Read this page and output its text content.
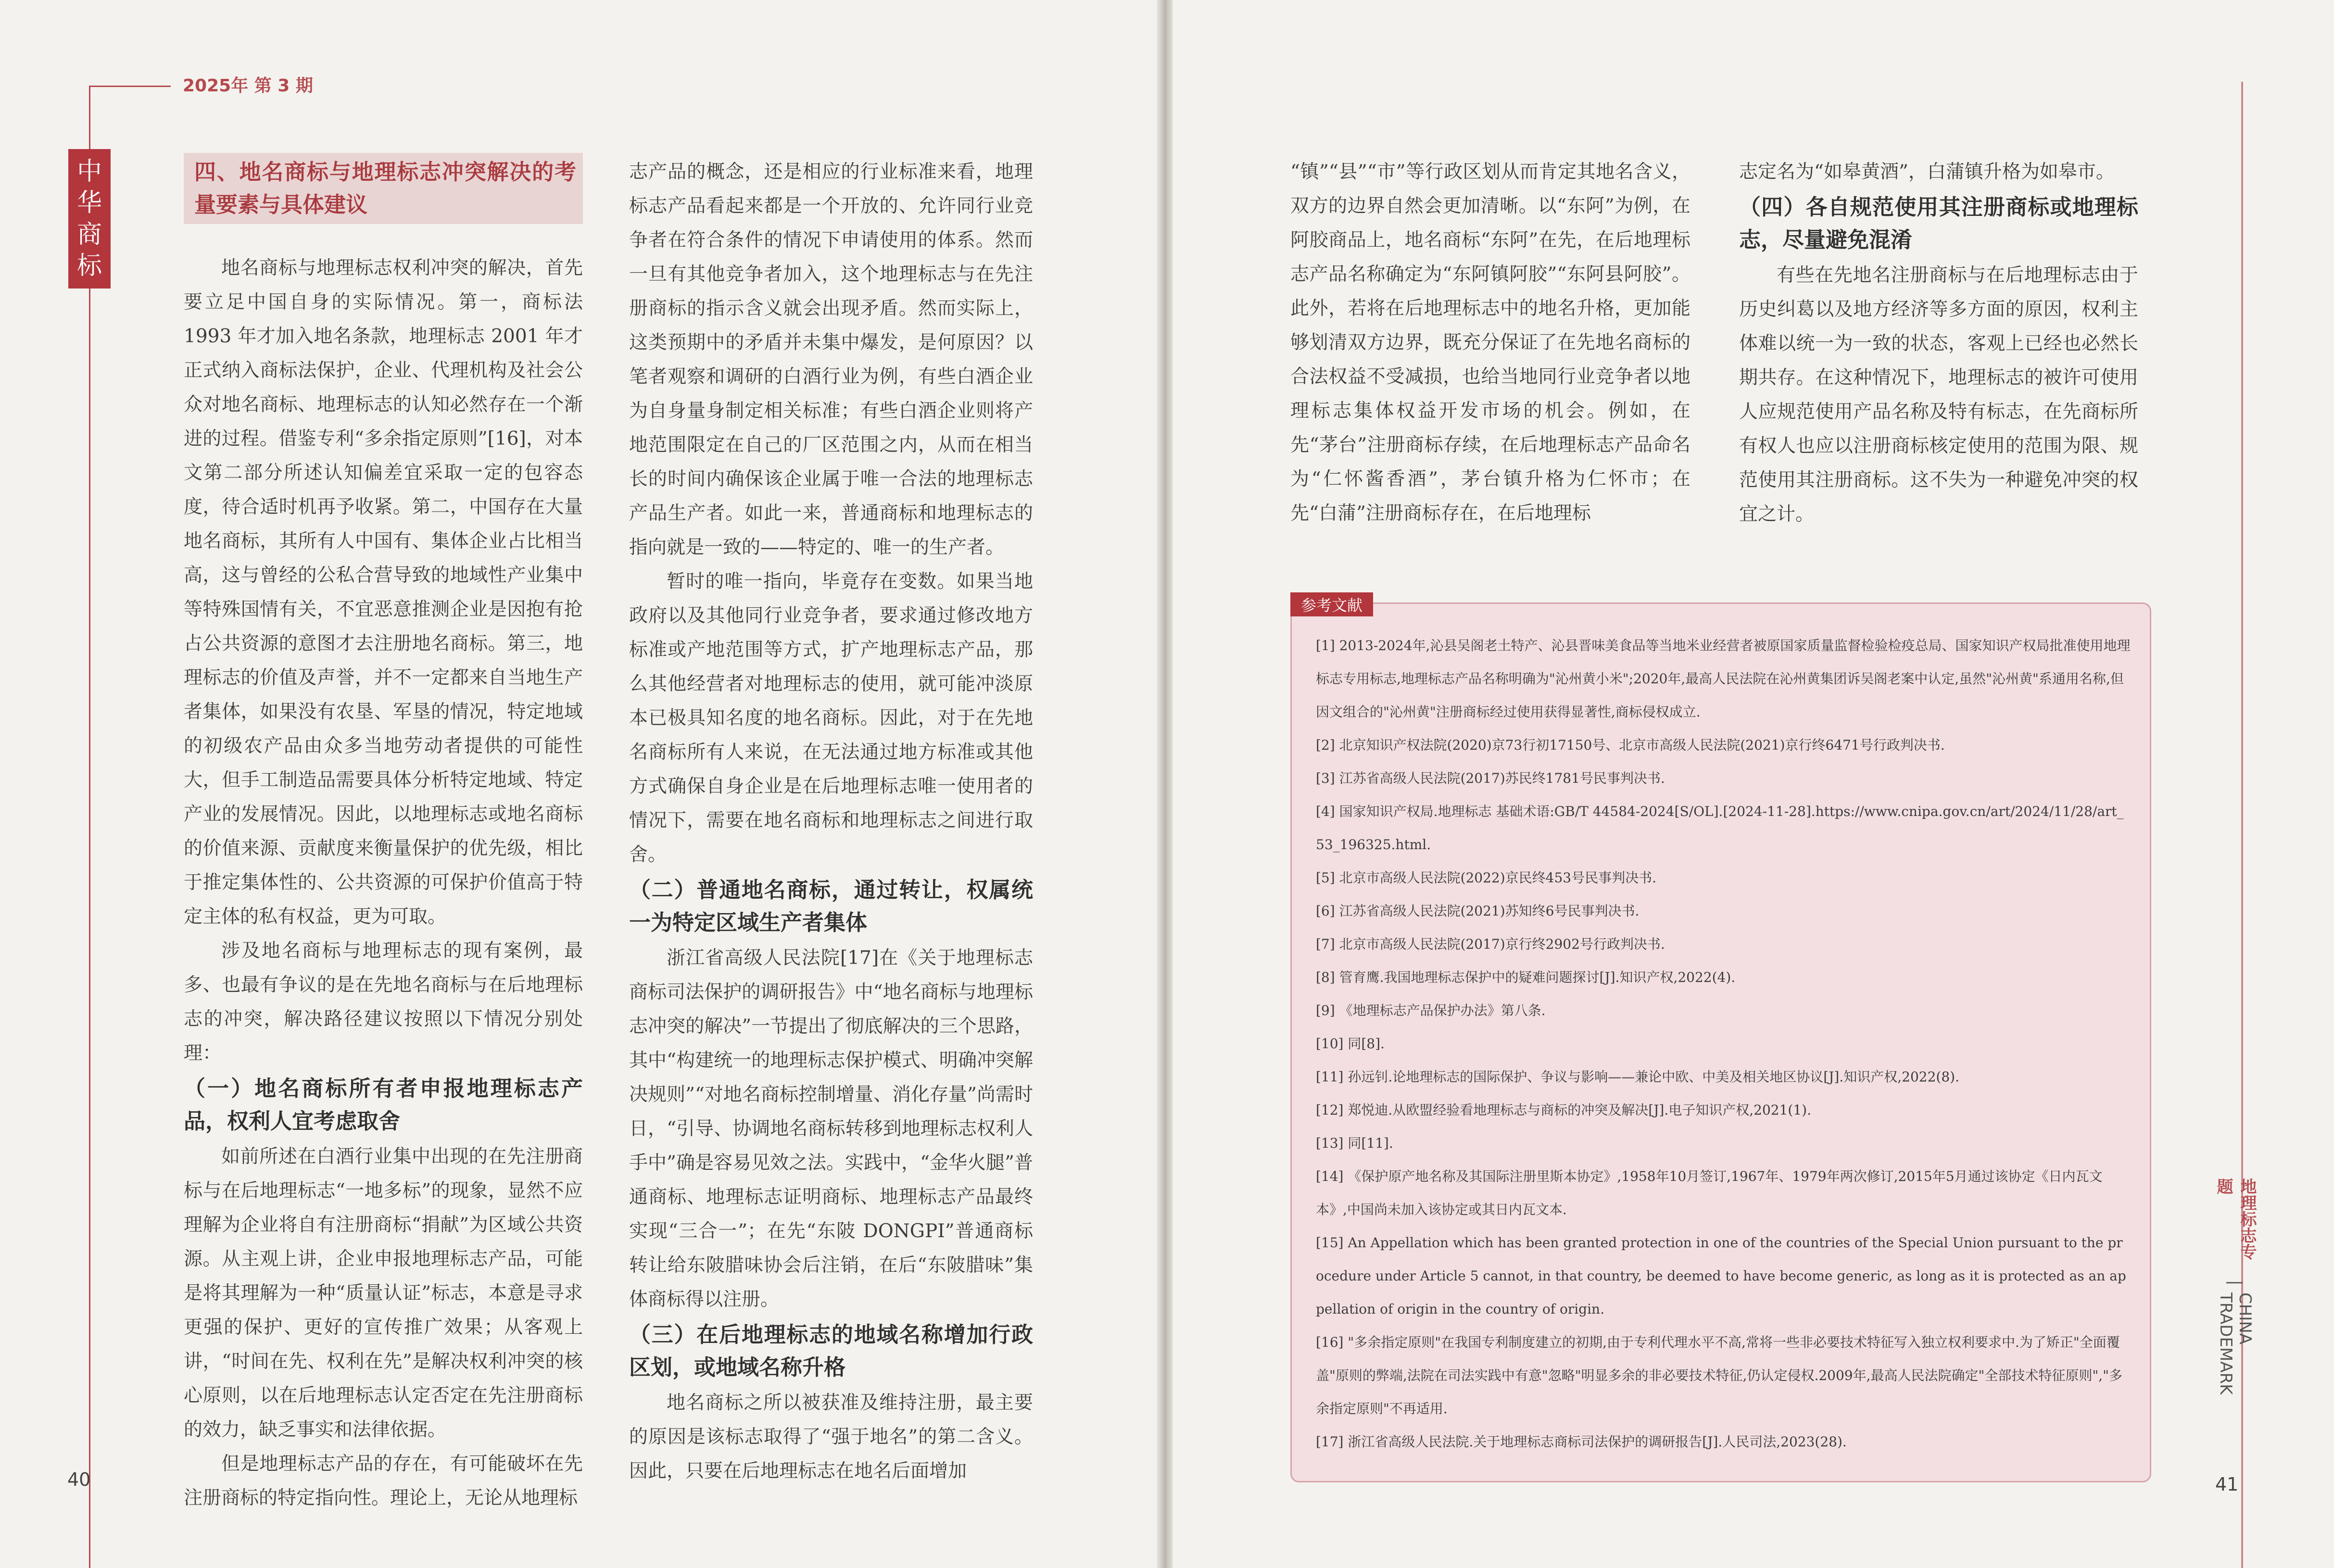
2025年 第 3 期
中
华
商
标
四、地名商标与地理标志冲突解决的考量要素与具体建议

地名商标与地理标志权利冲突的解决，首先要立足中国自身的实际情况。第一，商标法1993 年才加入地名条款，地理标志 2001 年才正式纳入商标法保护，企业、代理机构及社会公众对地名商标、地理标志的认知必然存在一个渐进的过程。借鉴专利“多余指定原则”[16]，对本文第二部分所述认知偏差宜采取一定的包容态度，待合适时机再予收紧。第二，中国存在大量地名商标，其所有人中国有、集体企业占比相当高，这与曾经的公私合营导致的地域性产业集中等特殊国情有关，不宜恶意推测企业是因抱有抢占公共资源的意图才去注册地名商标。第三，地理标志的价值及声誉，并不一定都来自当地生产者集体，如果没有农垦、军垦的情况，特定地域的初级农产品由众多当地劳动者提供的可能性大，但手工制造品需要具体分析特定地域、特定产业的发展情况。因此，以地理标志或地名商标的价值来源、贡献度来衡量保护的优先级，相比于推定集体性的、公共资源的可保护价值高于特定主体的私有权益，更为可取。

涉及地名商标与地理标志的现有案例，最多、也最有争议的是在先地名商标与在后地理标志的冲突，解决路径建议按照以下情况分别处理：

（一）地名商标所有者申报地理标志产品，权利人宜考虑取舍

如前所述在白酒行业集中出现的在先注册商标与在后地理标志“一地多标”的现象，显然不应理解为企业将自有注册商标“捐献”为区域公共资源。从主观上讲，企业申报地理标志产品，可能是将其理解为一种“质量认证”标志，本意是寻求更强的保护、更好的宣传推广效果；从客观上讲，“时间在先、权利在先”是解决权利冲突的核心原则，以在后地理标志认定否定在先注册商标的效力，缺乏事实和法律依据。

但是地理标志产品的存在，有可能破坏在先注册商标的特定指向性。理论上，无论从地理标

志产品的概念，还是相应的行业标准来看，地理标志产品看起来都是一个开放的、允许同行业竞争者在符合条件的情况下申请使用的体系。然而一旦有其他竞争者加入，这个地理标志与在先注册商标的指示含义就会出现矛盾。然而实际上，这类预期中的矛盾并未集中爆发，是何原因？以笔者观察和调研的白酒行业为例，有些白酒企业为自身量身制定相关标准；有些白酒企业则将产地范围限定在自己的厂区范围之内，从而在相当长的时间内确保该企业属于唯一合法的地理标志产品生产者。如此一来，普通商标和地理标志的指向就是一致的——特定的、唯一的生产者。

暂时的唯一指向，毕竟存在变数。如果当地政府以及其他同行业竞争者，要求通过修改地方标准或产地范围等方式，扩产地理标志产品，那么其他经营者对地理标志的使用，就可能冲淡原本已极具知名度的地名商标。因此，对于在先地名商标所有人来说，在无法通过地方标准或其他方式确保自身企业是在后地理标志唯一使用者的情况下，需要在地名商标和地理标志之间进行取舍。

（二）普通地名商标，通过转让，权属统一为特定区域生产者集体

浙江省高级人民法院[17]在《关于地理标志商标司法保护的调研报告》中“地名商标与地理标志冲突的解决”一节提出了彻底解决的三个思路，其中“构建统一的地理标志保护模式、明确冲突解决规则”“对地名商标控制增量、消化存量”尚需时日，“引导、协调地名商标转移到地理标志权利人手中”确是容易见效之法。实践中，“金华火腿”普通商标、地理标志证明商标、地理标志产品最终实现“三合一”；在先“东陂 DONGPI”普通商标转让给东陂腊味协会后注销，在后“东陂腊味”集体商标得以注册。

（三）在后地理标志的地域名称增加行政区划，或地域名称升格

地名商标之所以被获准及维持注册，最主要的原因是该标志取得了“强于地名”的第二含义。因此，只要在后地理标志在地名后面增加

40

“镇”“县”“市”等行政区划从而肯定其地名含义，双方的边界自然会更加清晰。以“东阿”为例，在阿胶商品上，地名商标“东阿”在先，在后地理标志产品名称确定为“东阿镇阿胶”“东阿县阿胶”。此外，若将在后地理标志中的地名升格，更加能够划清双方边界，既充分保证了在先地名商标的合法权益不受减损，也给当地同行业竞争者以地理标志集体权益开发市场的机会。例如，在先“茅台”注册商标存续，在后地理标志产品命名为“仁怀酱香酒”，茅台镇升格为仁怀市；在先“白蒲”注册商标存在，在后地理标

志定名为“如皋黄酒”，白蒲镇升格为如皋市。

（四）各自规范使用其注册商标或地理标志，尽量避免混淆

有些在先地名注册商标与在后地理标志由于历史纠葛以及地方经济等多方面的原因，权利主体难以统一为一致的状态，客观上已经也必然长期共存。在这种情况下，地理标志的被许可使用人应规范使用产品名称及特有标志，在先商标所有权人也应以注册商标核定使用的范围为限、规范使用其注册商标。这不失为一种避免冲突的权宜之计。

[1] 2013-2024年,沁县吴阁老土特产、沁县晋味美食品等当地米业经营者被原国家质量监督检验检疫总局、国家知识产权局批准使用地理标志专用标志,地理标志产品名称明确为"沁州黄小米";2020年,最高人民法院在沁州黄集团诉吴阁老案中认定,虽然"沁州黄"系通用名称,但因文组合的"沁州黄"注册商标经过使用获得显著性,商标侵权成立.
[2] 北京知识产权法院(2020)京73行初17150号、北京市高级人民法院(2021)京行终6471号行政判决书.
[3] 江苏省高级人民法院(2017)苏民终1781号民事判决书.
[4] 国家知识产权局.地理标志 基础术语:GB/T 44584-2024[S/OL].[2024-11-28].https://www.cnipa.gov.cn/art/2024/11/28/art_53_196325.html.
[5] 北京市高级人民法院(2022)京民终453号民事判决书.
[6] 江苏省高级人民法院(2021)苏知终6号民事判决书.
[7] 北京市高级人民法院(2017)京行终2902号行政判决书.
[8] 管育鹰.我国地理标志保护中的疑难问题探讨[J].知识产权,2022(4).
[9] 《地理标志产品保护办法》第八条.
[10] 同[8].
[11] 孙远钊.论地理标志的国际保护、争议与影响——兼论中欧、中美及相关地区协议[J].知识产权,2022(8).
[12] 郑悦迪.从欧盟经验看地理标志与商标的冲突及解决[J].电子知识产权,2021(1).
[13] 同[11].
[14] 《保护原产地名称及其国际注册里斯本协定》,1958年10月签订,1967年、1979年两次修订,2015年5月通过该协定《日内瓦文本》,中国尚未加入该协定或其日内瓦文本.
[15] An Appellation which has been granted protection in one of the countries of the Special Union pursuant to the procedure under Article 5 cannot, in that country, be deemed to have become generic, as long as it is protected as an appellation of origin in the country of origin.
[16] "多余指定原则"在我国专利制度建立的初期,由于专利代理水平不高,常将一些非必要技术特征写入独立权利要求中.为了矫正"全面覆盖"原则的弊端,法院在司法实践中有意"忽略"明显多余的非必要技术特征,仍认定侵权.2009年,最高人民法院确定"全部技术特征原则","多余指定原则"不再适用.
[17] 浙江省高级人民法院.关于地理标志商标司法保护的调研报告[J].人民司法,2023(28).
参考文献
地理标志专题
|
CHINA TRADEMARK
41
